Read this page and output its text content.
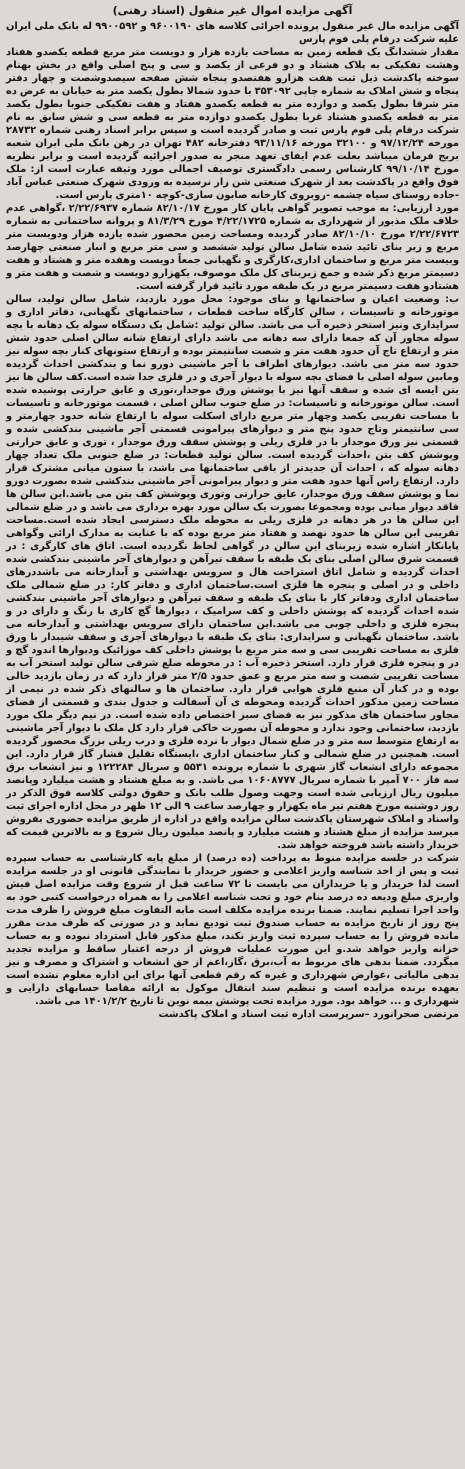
آگهی مزایده اموال غیر منقول (اسناد رهنی)

آگهی مزایده مال غیر منقول پرونده اجرائی کلاسه های ۹۶۰۰۱۹۰ و ۹۹۰۰۵۹۲ له بانک ملی ایران علیه شرکت درفام پلی فوم پارس

مقدار ششدانگ یک قطعه زمین به مساحت یازده هزار و دویست متر مربع قطعه یکصدو هفتاد وهشت تفکیکی به پلاک هشتاد و دو فرعی از یکصد و سی و پنج اصلی واقع در بخش بهنام سوخته پاکدشت ذیل ثبت هفت هزارو هفتصدو پنجاه شش صفحه سیصدوشصت و چهار دفتر پنجاه و شش املاک به شماره چاپی ۳۵۳۰۹۲ با حدود شمالا بطول یکصد متر به خیابان به عرض ده متر شرقا بطول یکصد و دوازده متر به قطعه یکصدو هفتاد و هفت تفکیکی جنوبا بطول یکصد متر به قطعه یکصدو هشتاد غربا بطول یکصدو دوازده متر به قطعه سی و شش سابق به نام شرکت درفام پلی فوم پارس ثبت و صادر گردیده است و سپس برابر اسناد رهنی شماره ۲۸۷۳۲ مورخه ۹۷/۱۲/۲۴ و ۳۲۱۰۰ مورخه ۹۳/۱۱/۱۶ دفترخانه ۴۸۲ تهران در رهن بانک ملی ایران شعبه بریج فرمان میباشد بعلت عدم ایفای تعهد منجر به صدور اجرائیه گردیده است و برابر نظریه مورخ ۹۹/۱۰/۱۴ کارشناس رسمی دادگستری توصیف اجمالی مورد وثیقه عبارت است از: ملک فوق واقع در پاکدشت بعد از شهرک صنعتی شن زار نرسیده به ورودی شهرک صنعتی عباس آباد -جاده روستای سیاه چشمه -روبروی کارخانه صابون سازی-کوچه ۱۰متری پارس است.

مورد ارزیابی: به موجب تصویر گواهی پایان کار مورخ ۸۲/۱۰/۱۷ شماره ۲/۲۲/۶۹۳۷ ،گواهی عدم خلاف ملک مذبور از شهرداری به شماره ۴/۲۲/۱۷۲۵ مورخ ۸۱/۳/۲۹ و پروانه ساختمانی به شماره ۲/۲۲/۶۷۲۳ مورخ ۸۲/۱۰/۱۰ صادر گردیده ومساحت زمین محصور شده یازده هزار ودویست متر مربع و زیر بنای تائید شده شامل سالن تولید ششصد و سی متر مربع و انبار صنعتی چهارصد وبیست متر مربع و ساختمان اداری،کارگری و نگهبانی جمعاً دویست وهفده متر و هشتاد و هفت دسیمتر مربع ذکر شده و جمع زیربنای کل ملک موصوف، یکهزارو دویست و شصت و هفت متر و هشتادو هفت دسیمتر مربع در یک طبقه مورد تائید قرار گرفته است.

ب: وضعیت اعیان و ساختمانها و بنای موجود: محل مورد بازدید، شامل سالن تولید، سالن موتورخانه و تاسیسات ، سالن کارگاه ساخت قطعات ، ساختمانهای نگهبانی، دفاتر اداری و سرایداری ونیز استخر ذخیره آب می باشد. سالن تولید :شامل یک دستگاه سوله یک دهانه با بچه سوله مجاور آن که جمعا دارای سه دهانه می باشد دارای ارتفاع شانه سالن اصلی حدود شش متر و ارتفاع تاج آن حدود هفت متر و شصت سانتیمتر بوده و ارتفاع ستونهای کنار بچه سوله نیز حدود سه متر می باشد. دیوارهای اطراف با آجر ماشینی دورو نما و بندکشی احداث گردیده ومابین سوله اصلی با فضای بچه سوله با دیوار آجری و در فلزی جدا شده است.کف سالن ها نیز بتن ایسه ای شده و سقف آنها نیز با پوشش ورق موجدار،توری و عایق حرارتی پوشیده شده است. سالن موتورخانه و تاسیسات: در ضلع جنوب سالن اصلی ، قسمت موتورخانه و تاسیسات با مساحت تقریبی یکصد وچهار متر مربع دارای اسکلت سوله با ارتفاع شانه حدود چهارمتر و سی سانتیمتر وتاج حدود پنج متر و دیوارهای پیرامونی قسمتی آجر ماشینی بندکشی شده و قسمتی نیز ورق موجدار با در فلزی ریلی و پوشش سقف ورق موجدار ، توری و عایق حرارتی وپوشش کف بتن ،احداث گردیده است. سالن تولید قطعات: در ضلع جنوبی ملک تعداد چهار دهانه سوله که ، احداث آن جدیدتر از باقی ساختمانها می باشد، با ستون میانی مشترک قرار دارد. ارتفاع راس آنها حدود هفت متر و دیوار پیرامونی آجر ماشینی بندکشی شده بصورت دورو نما و پوشش سقف ورق موجدار، عایق حرارتی وتوری وپوشش کف بتن می باشد.این سالن ها فاقد دیوار میانی بوده ومجموعا بصورت یک سالن مورد بهره برداری می باشد و در ضلع شمالی این سالن ها در هر دهانه در فلزی ریلی به محوطه ملک دسترسی ایجاد شده است.مساحت تقریبی این سالن ها حدود نهصد و هفتاد متر مربع بوده که با عنایت به مدارک ارائی وگواهی پایانکار اشاره شده زیربنای این سالن در گواهی لحاظ نگردیده است. اتاق های کارگری : در قسمت شرق سالن اصلی بنای یک طبقه با سقف تیرآهن و دیوارهای آجر ماشینی بندکشی شده احداث گردیده و شامل اتاق استراحت هال و سرویس بهداشتی و آبدارخانه می باشددرهای داخلی و در اصلی و پنجره ها فلزی است.ساختمان اداری و دفاتر کار: در ضلع شمالی ملک ساختمان اداری ودفاتر کار با بنای یک طبقه و سقف تیرآهن و دیوارهای آجر ماشینی بندکشی شده احداث گردیده که پوشش داخلی و کف سرامیک ، دیوارها گچ کاری با رنگ و دارای در و پنجره فلزی و داخلی چوبی می باشد.این ساختمان دارای سرویس بهداشتی و آبدارخانه می باشد. ساختمان نگهبانی و سرایداری: بنای یک طبقه با دیوارهای آجری و سقف شیبدار با ورق فلزی به مساحت تقریبی سی و سه متر مربع با پوشش داخلی کف موزائیک ودیوارها اندود گچ و در و پنجره فلزی قرار دارد. استخر ذخیره آب : در محوطه ضلع شرقی سالن تولید استخر آب به مساحت تقریبی شصت و سه متر مربع و عمق حدود ۲/۵ متر قرار دارد که در زمان بازدید خالی بوده و در کنار آن منبع فلزی هوایی قرار دارد. ساختمان ها و سالنهای ذکر شده در نیمی از مساحت زمین مذکور احداث گردیده ومحوطه ی آن آسفالت و جدول بندی و قسمتی از فضای مجاور ساختمان های مذکور نیز به فضای سبز اختصاص داده شده است. در نیم دیگر ملک مورد بازدید، ساختمانی وجود ندارد و محوطه آن بصورت خاکی قرار دارد کل ملک با دیوار آجر ماشینی به ارتفاع متوسط سه متر و در ضلع شمال دیوار با نرده فلزی و درب ریلی بزرگ محصور گردیده است. همچنین در ضلع شمالی و کنار ساختمان اداری ،ایستگاه تقلیل فشار گاز قرار دارد. این مجموعه دارای انشعاب گاز شهری با شماره پرونده ۵۵۳۱ و سریال ۱۲۲۲۸۴ و نیز انشعاب برق سه فاز ۷۰۰ آمپر با شماره سریال ۱۰۶۰۸۷۷۷ می باشد. و به مبلغ هشتاد و هشت میلیارد وپانصد میلیون ریال ارزیابی شده است وجهت وصول طلب بانک و حقوق دولتی کلاسه فوق الذکر در روز دوشنبه مورخ هفتم تیر ماه یکهزار و چهارصد ساعت ۹ الی ۱۲ ظهر در محل اداره اجرای ثبت واسناد و املاک شهرستان پاکدشت سالن مزایده واقع در اداره از طریق مزایده حضوری بفروش میرسد مزایده از مبلغ هشتاد و هشت میلیارد و پانصد میلیون ریال شروع و به بالاترین قیمت که خریدار داشته باشد فروخته خواهد شد.

شرکت در جلسه مزایده منوط به پرداخت (ده درصد) از مبلغ پایه کارشناسی به حساب سپرده ثبت و پس از اخذ شناسه واریز اعلامی و حضور خریدار با نمایندگی قانونی او در جلسه مزایده است لذا خریدار و یا خریداران می بایست تا ۷۲ ساعت قبل از شروع وقت مزایده اصل فیش واریزی مبلغ ودیعه ده درصد بنام خود و تحت شناسه اعلامی را به همراه درخواست کتبی خود به واحد اجرا تسلیم نمایند. ضمنا برنده مزایده مکلف است مابه التفاوت مبلغ فروش را ظرف مدت پنج روز از تاریخ مزایده به حساب صندوق ثبت تودیع نماید و در صورتی که ظرف مدت مقرر مانده فروش را به حساب سپرده ثبت واریز نکند، مبلغ مذکور قابل استرداد نبوده و به حساب خزانه واریز خواهد شد.و این صورت عملیات فروش از درجه اعتبار ساقط و مزایده تجدید میگردد. ضمنا بدهی های مربوط به آب،برق ،گاز،اعم از حق انشعاب و اشتراک و مصرف و نیز بدهی مالیاتی ،عوارض شهرداری و غیره که رقم قطعی آنها برای این اداره معلوم نشده است بعهده برنده مزایده است و تنظیم سند انتقال موکول به ارائه مفاصا حسابهای دارایی و شهرداری و ... خواهد بود. مورد مزایده تحت پوشش بیمه نوین تا تاریخ ۱۴۰۱/۲/۲ می باشد.

مرتضی صحرانورد –سرپرست اداره ثبت اسناد و املاک پاکدشت
